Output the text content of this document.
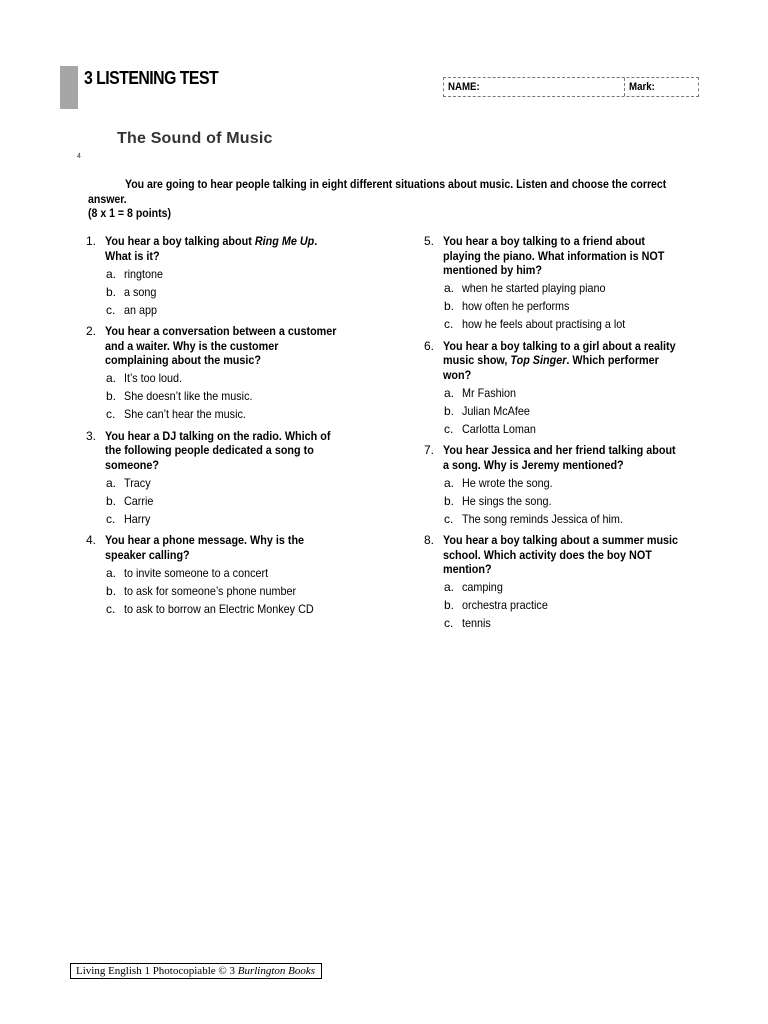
3 LISTENING TEST	NAME:	Mark:
The Sound of Music
4
You are going to hear people talking in eight different situations about music. Listen and choose the correct
answer.
(8 x 1 = 8 points)
1. You hear a boy talking about Ring Me Up.
What is it?
a. ringtone
b. a song
c. an app
2. You hear a conversation between a customer
and a waiter. Why is the customer
complaining about the music?
a. It’s too loud.
b. She doesn’t like the music.
c. She can’t hear the music.
3. You hear a DJ talking on the radio. Which of
the following people dedicated a song to
someone?
a. Tracy
b. Carrie
c. Harry
4. You hear a phone message. Why is the
speaker calling?
a. to invite someone to a concert
b. to ask for someone’s phone number
c. to ask to borrow an Electric Monkey CD
5. You hear a boy talking to a friend about
playing the piano. What information is NOT
mentioned by him?
a. when he started playing piano
b. how often he performs
c. how he feels about practising a lot
6. You hear a boy talking to a girl about a reality
music show, Top Singer. Which performer
won?
a. Mr Fashion
b. Julian McAfee
c. Carlotta Loman
7. You hear Jessica and her friend talking about
a song. Why is Jeremy mentioned?
a. He wrote the song.
b. He sings the song.
c. The song reminds Jessica of him.
8. You hear a boy talking about a summer music
school. Which activity does the boy NOT
mention?
a. camping
b. orchestra practice
c. tennis
Living English 1 Photocopiable © 3 Burlington Books
